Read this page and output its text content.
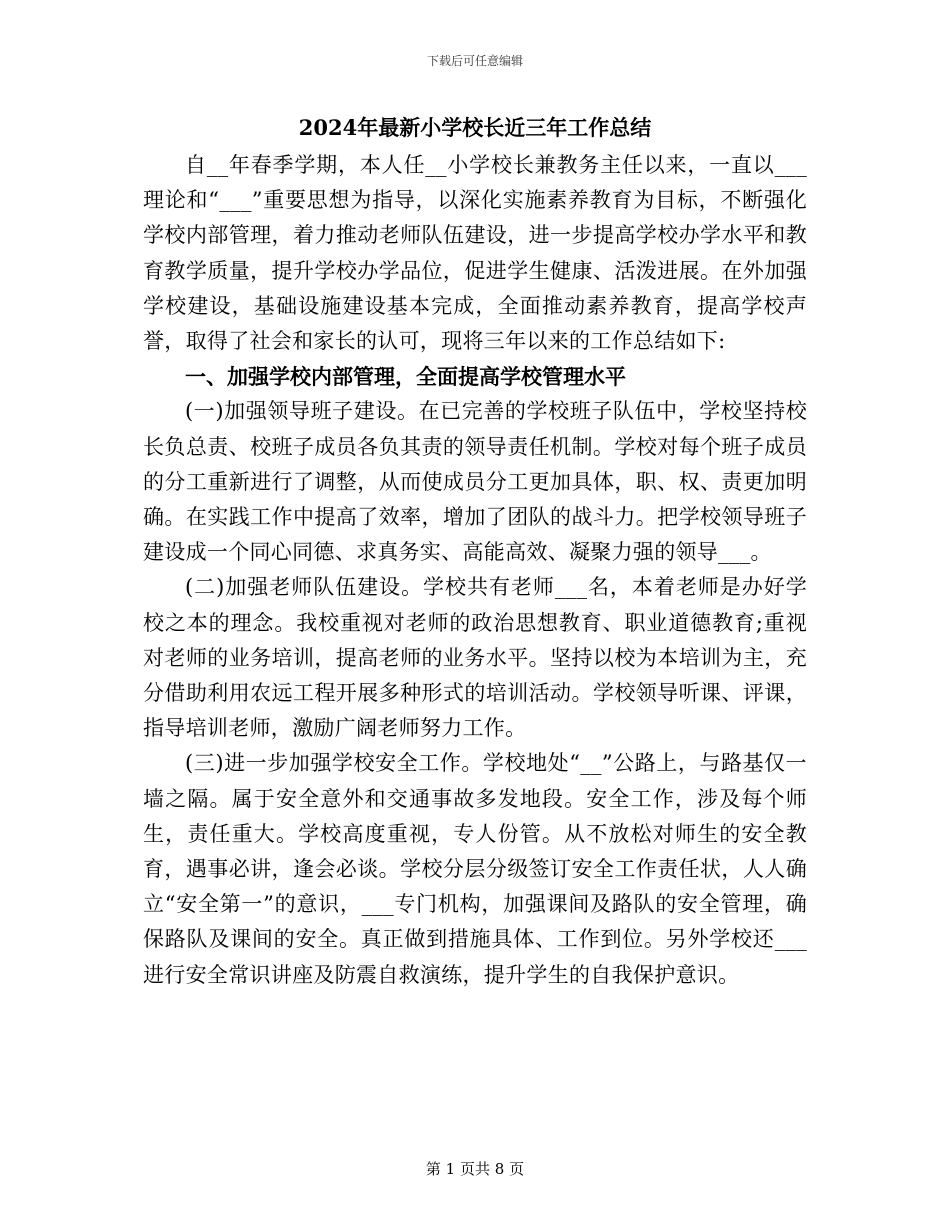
下载后可任意编辑
2024年最新小学校长近三年工作总结

自__年春季学期，本人任__小学校长兼教务主任以来，一直以___理论和“___”重要思想为指导，以深化实施素养教育为目标，不断强化学校内部管理，着力推动老师队伍建设，进一步提高学校办学水平和教育教学质量，提升学校办学品位，促进学生健康、活泼进展。在外加强学校建设，基础设施建设基本完成，全面推动素养教育，提高学校声誉，取得了社会和家长的认可，现将三年以来的工作总结如下:

一、加强学校内部管理，全面提高学校管理水平

(一)加强领导班子建设。在已完善的学校班子队伍中，学校坚持校长负总责、校班子成员各负其责的领导责任机制。学校对每个班子成员的分工重新进行了调整，从而使成员分工更加具体，职、权、责更加明确。在实践工作中提高了效率，增加了团队的战斗力。把学校领导班子建设成一个同心同德、求真务实、高能高效、凝聚力强的领导___。

(二)加强老师队伍建设。学校共有老师___名，本着老师是办好学校之本的理念。我校重视对老师的政治思想教育、职业道德教育;重视对老师的业务培训，提高老师的业务水平。坚持以校为本培训为主，充分借助利用农远工程开展多种形式的培训活动。学校领导听课、评课，指导培训老师，激励广阔老师努力工作。

(三)进一步加强学校安全工作。学校地处“__”公路上，与路基仅一墙之隔。属于安全意外和交通事故多发地段。安全工作，涉及每个师生，责任重大。学校高度重视，专人份管。从不放松对师生的安全教育，遇事必讲，逢会必谈。学校分层分级签订安全工作责任状，人人确立“安全第一”的意识，___专门机构，加强课间及路队的安全管理，确保路队及课间的安全。真正做到措施具体、工作到位。另外学校还___进行安全常识讲座及防震自救演练，提升学生的自我保护意识。

第 1 页共 8 页
